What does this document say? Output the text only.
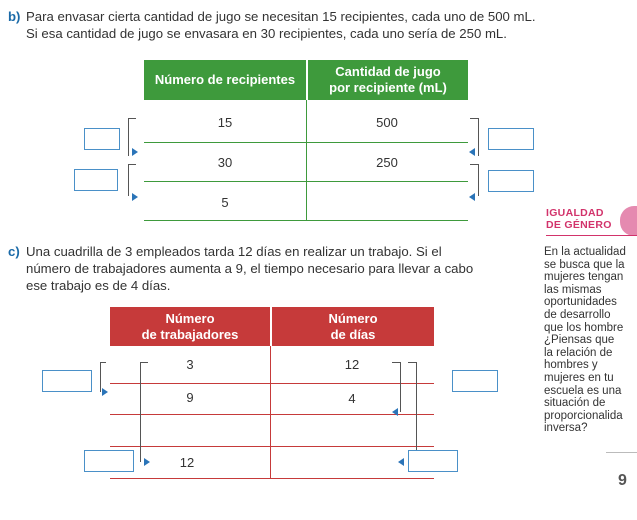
b) Para envasar cierta cantidad de jugo se necesitan 15 recipientes, cada uno de 500 mL.
Si esa cantidad de jugo se envasara en 30 recipientes, cada uno sería de 250 mL.
Número de recipientes
Cantidad de jugo
por recipiente (mL)
15	500
30	250
5
c) Una cuadrilla de 3 empleados tarda 12 días en realizar un trabajo. Si el
número de trabajadores aumenta a 9, el tiempo necesario para llevar a cabo
ese trabajo es de 4 días.
Número
de trabajadores
Número
de días
3	12
9	4
12
IGUALDAD
DE GÉNERO
En la actualidad
se busca que la
mujeres tengan
las mismas
oportunidades
de desarrollo
que los hombre
¿Piensas que
la relación de
hombres y
mujeres en tu
escuela es una
situación de
proporcionalida
inversa?
9
